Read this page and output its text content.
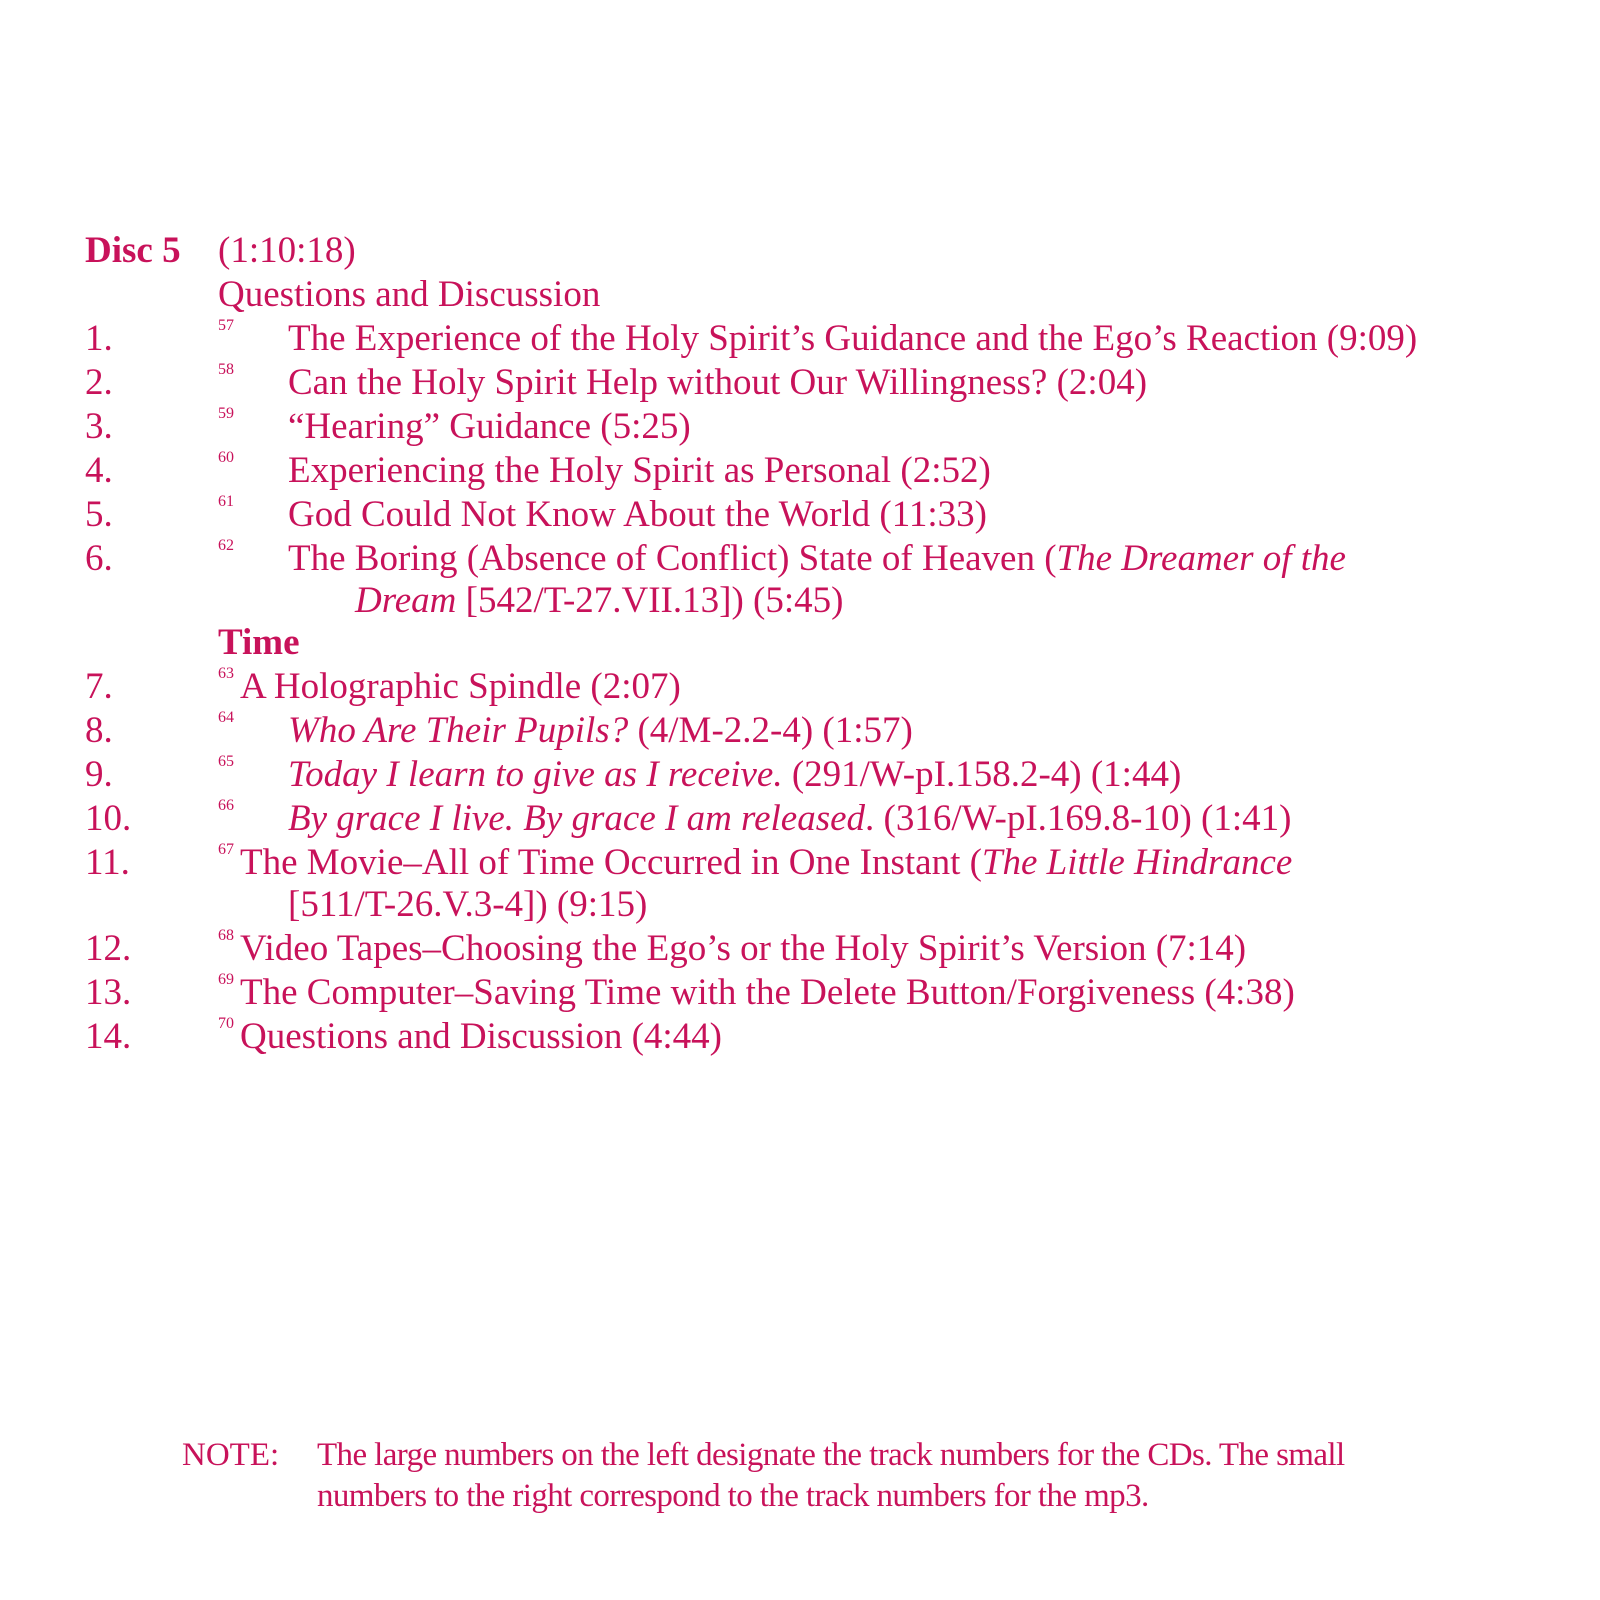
Disc 5 (1:10:18)
Questions and Discussion
1.	57 The Experience of the Holy Spirit’s Guidance and the Ego’s Reaction (9:09)
2.	58 Can the Holy Spirit Help without Our Willingness? (2:04)
3.	59 “Hearing” Guidance (5:25)
4.	60 Experiencing the Holy Spirit as Personal (2:52)
5.	61 God Could Not Know About the World (11:33)
6.	62 The Boring (Absence of Conflict) State of Heaven (The Dreamer of the
Dream [542/T-27.VII.13]) (5:45)
Time
7.	63 A Holographic Spindle (2:07)
8.	64 Who Are Their Pupils? (4/M-2.2-4) (1:57)
9.	65 Today I learn to give as I receive. (291/W-pI.158.2-4) (1:44)
10.	66 By grace I live. By grace I am released. (316/W-pI.169.8-10) (1:41)
11.	67 The Movie–All of Time Occurred in One Instant (The Little Hindrance
[511/T-26.V.3-4]) (9:15)
12.	68 Video Tapes–Choosing the Ego’s or the Holy Spirit’s Version (7:14)
13.	69 The Computer–Saving Time with the Delete Button/Forgiveness (4:38)
14.	70 Questions and Discussion (4:44)
NOTE: The large numbers on the left designate the track numbers for the CDs. The small numbers to the right correspond to the track numbers for the mp3.
